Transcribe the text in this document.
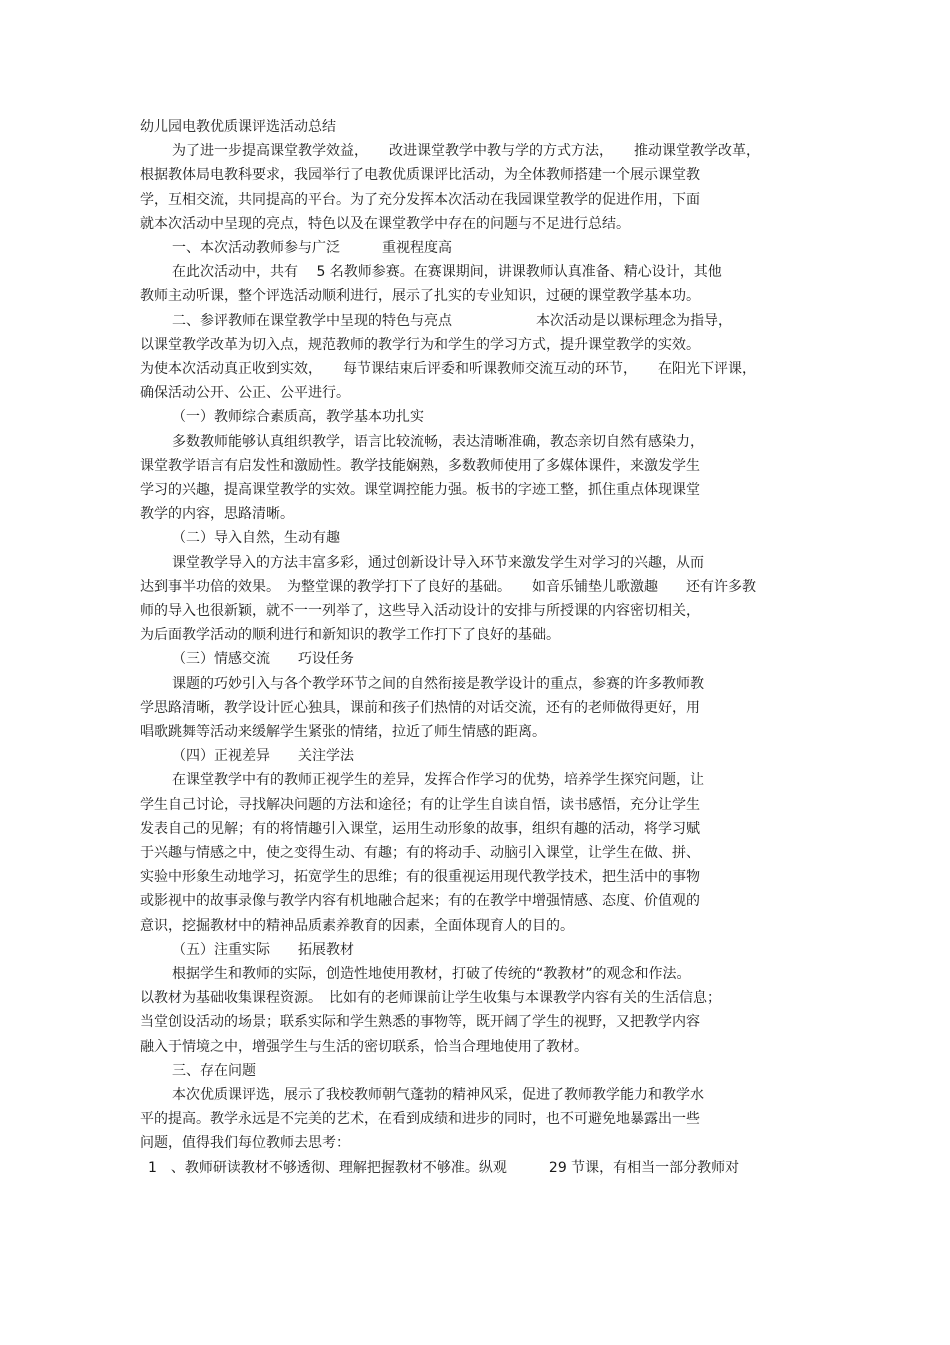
幼儿园电教优质课评选活动总结
为了进一步提高课堂教学效益，　　改进课堂教学中教与学的方式方法，　　推动课堂教学改革，
根据教体局电教科要求，我园举行了电教优质课评比活动，为全体教师搭建一个展示课堂教
学，互相交流，共同提高的平台。为了充分发挥本次活动在我园课堂教学的促进作用，下面
就本次活动中呈现的亮点，特色以及在课堂教学中存在的问题与不足进行总结。
一、本次活动教师参与广泛　　　重视程度高
在此次活动中，共有　 5 名教师参赛。在赛课期间，讲课教师认真准备、精心设计，其他
教师主动听课，整个评选活动顺利进行，展示了扎实的专业知识，过硬的课堂教学基本功。
二、参评教师在课堂教学中呈现的特色与亮点　　　　　　本次活动是以课标理念为指导，
以课堂教学改革为切入点，规范教师的教学行为和学生的学习方式，提升课堂教学的实效。
为使本次活动真正收到实效，　　每节课结束后评委和听课教师交流互动的环节，　　在阳光下评课，
确保活动公开、公正、公平进行。
（一）教师综合素质高，教学基本功扎实
多数教师能够认真组织教学，语言比较流畅，表达清晰准确，教态亲切自然有感染力，
课堂教学语言有启发性和激励性。教学技能娴熟，多数教师使用了多媒体课件，来激发学生
学习的兴趣，提高课堂教学的实效。课堂调控能力强。板书的字迹工整，抓住重点体现课堂
教学的内容，思路清晰。
（二）导入自然，生动有趣
课堂教学导入的方法丰富多彩，通过创新设计导入环节来激发学生对学习的兴趣，从而
达到事半功倍的效果。　为整堂课的教学打下了良好的基础。　　如音乐铺垫儿歌激趣　　还有许多教
师的导入也很新颖，就不一一列举了，这些导入活动设计的安排与所授课的内容密切相关，
为后面教学活动的顺利进行和新知识的教学工作打下了良好的基础。
（三）情感交流　　巧设任务
课题的巧妙引入与各个教学环节之间的自然衔接是教学设计的重点，参赛的许多教师教
学思路清晰，教学设计匠心独具，课前和孩子们热情的对话交流，还有的老师做得更好，用
唱歌跳舞等活动来缓解学生紧张的情绪，拉近了师生情感的距离。
（四）正视差异　　关注学法
在课堂教学中有的教师正视学生的差异，发挥合作学习的优势，培养学生探究问题，让
学生自己讨论，寻找解决问题的方法和途径；有的让学生自读自悟，读书感悟，充分让学生
发表自己的见解；有的将情趣引入课堂，运用生动形象的故事，组织有趣的活动，将学习赋
于兴趣与情感之中，使之变得生动、有趣；有的将动手、动脑引入课堂，让学生在做、拼、
实验中形象生动地学习，拓宽学生的思维；有的很重视运用现代教学技术，把生活中的事物
或影视中的故事录像与教学内容有机地融合起来；有的在教学中增强情感、态度、价值观的
意识，挖掘教材中的精神品质素养教育的因素，全面体现育人的目的。
（五）注重实际　　拓展教材
根据学生和教师的实际，创造性地使用教材，打破了传统的“教教材”的观念和作法。
以教材为基础收集课程资源。　比如有的老师课前让学生收集与本课教学内容有关的生活信息；
当堂创设活动的场景；联系实际和学生熟悉的事物等，既开阔了学生的视野，又把教学内容
融入于情境之中，增强学生与生活的密切联系，恰当合理地使用了教材。
三、存在问题
本次优质课评选，展示了我校教师朝气蓬勃的精神风采，促进了教师教学能力和教学水
平的提高。教学永远是不完美的艺术，在看到成绩和进步的同时，也不可避免地暴露出一些
问题，值得我们每位教师去思考：
1　、教师研读教材不够透彻、理解把握教材不够准。纵观　　　29 节课，有相当一部分教师对
